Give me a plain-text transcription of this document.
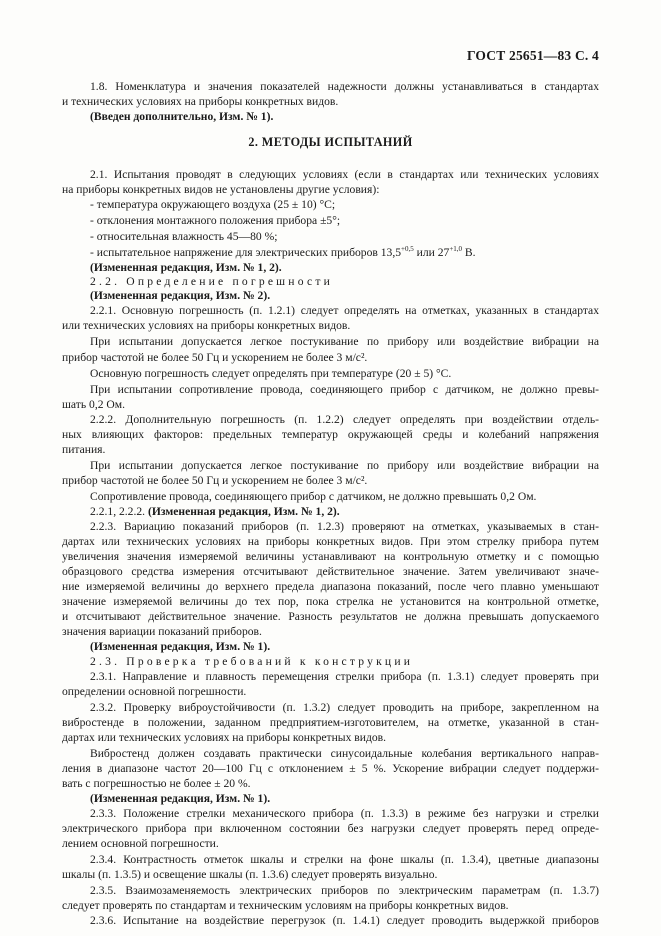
ГОСТ 25651—83 С. 4
1.8. Номенклатура и значения показателей надежности должны устанавливаться в стандартах
и технических условиях на приборы конкретных видов.
(Введен дополнительно, Изм. № 1).
2. МЕТОДЫ ИСПЫТАНИЙ
2.1. Испытания проводят в следующих условиях (если в стандартах или технических условиях
на приборы конкретных видов не установлены другие условия):
- температура окружающего воздуха (25 ± 10) °C;
- отклонения монтажного положения прибора ±5°;
- относительная влажность 45—80 %;
- испытательное напряжение для электрических приборов $13,5^{+0,5}$ или $27^{+1,0}$ В.
(Измененная редакция, Изм. № 1, 2).
2.2. Определение погрешности
(Измененная редакция, Изм. № 2).
2.2.1. Основную погрешность (п. 1.2.1) следует определять на отметках, указанных в стандартах
или технических условиях на приборы конкретных видов.
При испытании допускается легкое постукивание по прибору или воздействие вибрации на
прибор частотой не более 50 Гц и ускорением не более 3 м/с².
Основную погрешность следует определять при температуре (20 ± 5) °C.
При испытании сопротивление провода, соединяющего прибор с датчиком, не должно превы-
шать 0,2 Ом.
2.2.2. Дополнительную погрешность (п. 1.2.2) следует определять при воздействии отдель-
ных влияющих факторов: предельных температур окружающей среды и колебаний напряжения
питания.
При испытании допускается легкое постукивание по прибору или воздействие вибрации на
прибор частотой не более 50 Гц и ускорением не более 3 м/с².
Сопротивление провода, соединяющего прибор с датчиком, не должно превышать 0,2 Ом.
2.2.1, 2.2.2. (Измененная редакция, Изм. № 1, 2).
2.2.3. Вариацию показаний приборов (п. 1.2.3) проверяют на отметках, указываемых в стан-
дартах или технических условиях на приборы конкретных видов. При этом стрелку прибора путем
увеличения значения измеряемой величины устанавливают на контрольную отметку и с помощью
образцового средства измерения отсчитывают действительное значение. Затем увеличивают значе-
ние измеряемой величины до верхнего предела диапазона показаний, после чего плавно уменьшают
значение измеряемой величины до тех пор, пока стрелка не установится на контрольной отметке,
и отсчитывают действительное значение. Разность результатов не должна превышать допускаемого
значения вариации показаний приборов.
(Измененная редакция, Изм. № 1).
2.3. Проверка требований к конструкции
2.3.1. Направление и плавность перемещения стрелки прибора (п. 1.3.1) следует проверять при
определении основной погрешности.
2.3.2. Проверку виброустойчивости (п. 1.3.2) следует проводить на приборе, закрепленном на
вибростенде в положении, заданном предприятием-изготовителем, на отметке, указанной в стан-
дартах или технических условиях на приборы конкретных видов.
Вибростенд должен создавать практически синусоидальные колебания вертикального направ-
ления в диапазоне частот 20—100 Гц с отклонением ± 5 %. Ускорение вибрации следует поддержи-
вать с погрешностью не более ± 20 %.
(Измененная редакция, Изм. № 1).
2.3.3. Положение стрелки механического прибора (п. 1.3.3) в режиме без нагрузки и стрелки
электрического прибора при включенном состоянии без нагрузки следует проверять перед опреде-
лением основной погрешности.
2.3.4. Контрастность отметок шкалы и стрелки на фоне шкалы (п. 1.3.4), цветные диапазоны
шкалы (п. 1.3.5) и освещение шкалы (п. 1.3.6) следует проверять визуально.
2.3.5. Взаимозаменяемость электрических приборов по электрическим параметрам (п. 1.3.7)
следует проверять по стандартам и техническим условиям на приборы конкретных видов.
2.3.6. Испытание на воздействие перегрузок (п. 1.4.1) следует проводить выдержкой приборов
